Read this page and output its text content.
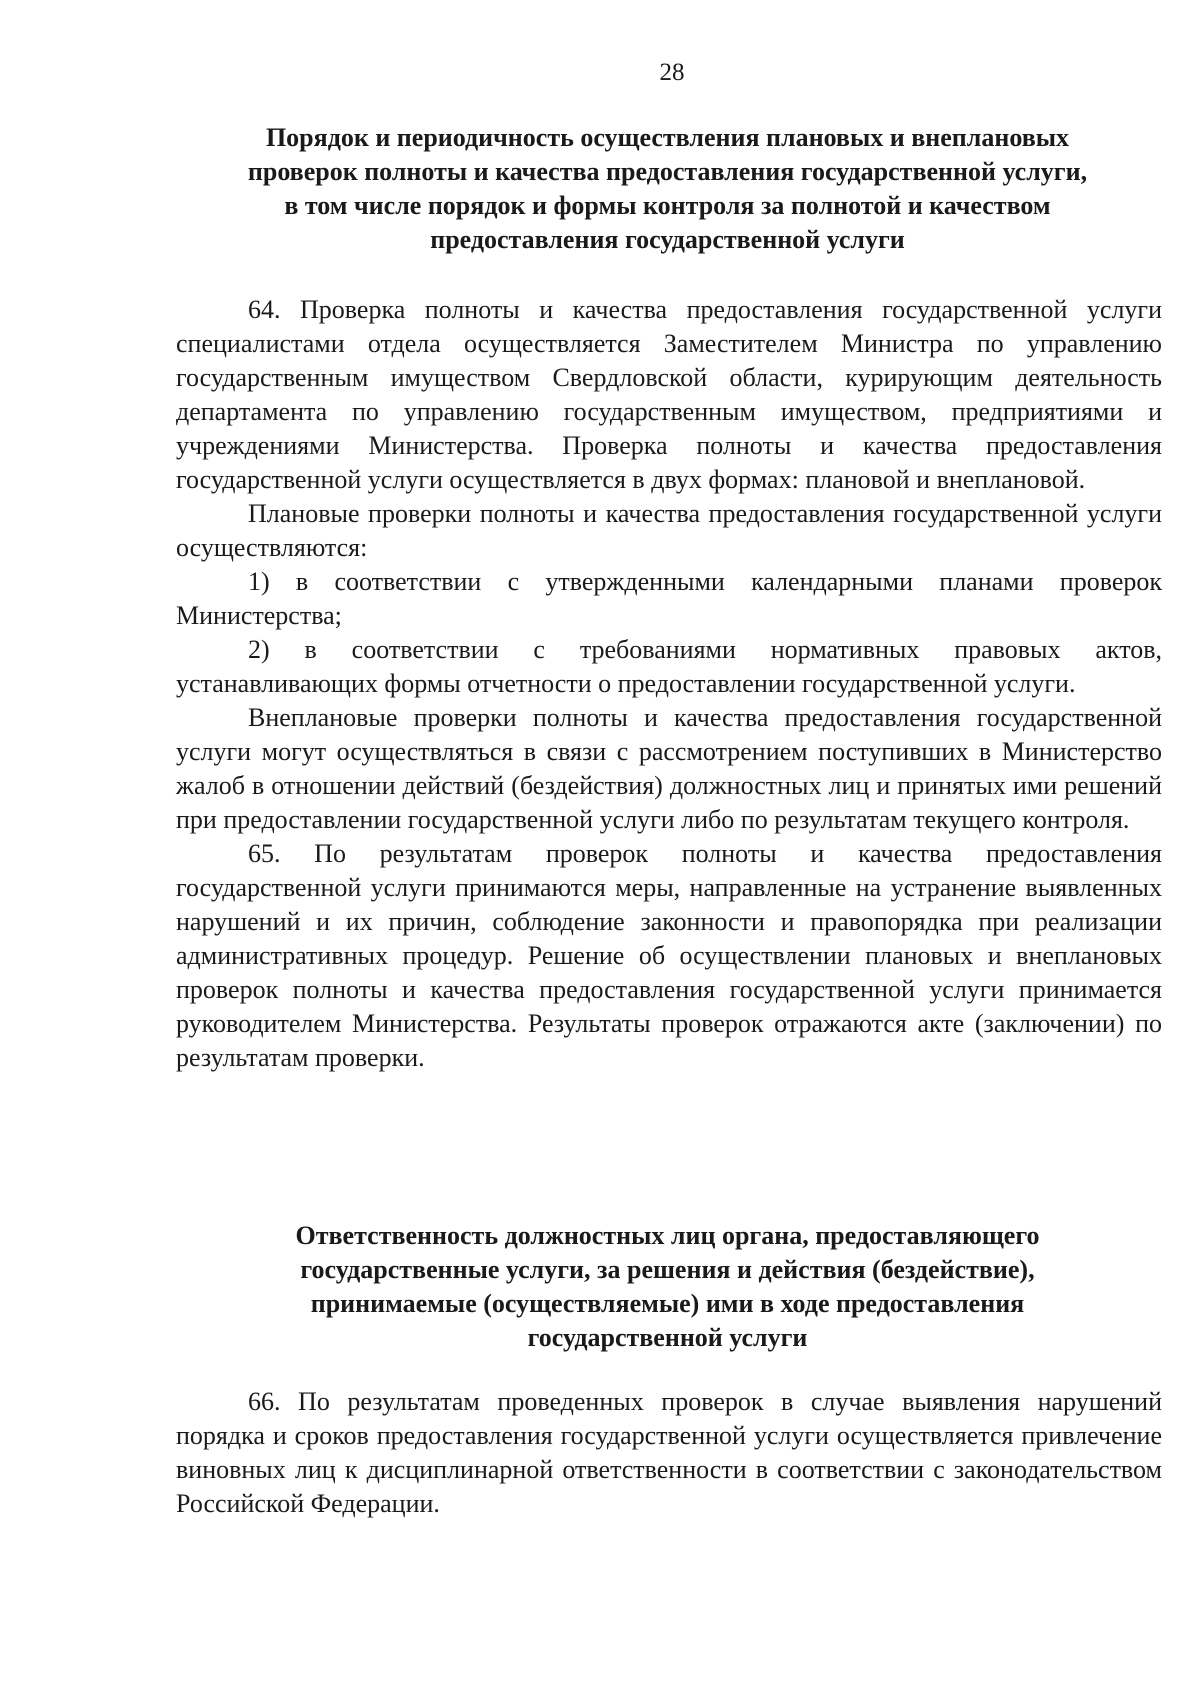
28
Порядок и периодичность осуществления плановых и внеплановых
проверок полноты и качества предоставления государственной услуги,
в том числе порядок и формы контроля за полнотой и качеством
предоставления государственной услуги

64. Проверка полноты и качества предоставления государственной услуги специалистами отдела осуществляется Заместителем Министра по управлению государственным имуществом Свердловской области, курирующим деятельность департамента по управлению государственным имуществом, предприятиями и учреждениями Министерства. Проверка полноты и качества предоставления государственной услуги осуществляется в двух формах: плановой и внеплановой.

Плановые проверки полноты и качества предоставления государственной услуги осуществляются:

1) в соответствии с утвержденными календарными планами проверок Министерства;

2) в соответствии с требованиями нормативных правовых актов, устанавливающих формы отчетности о предоставлении государственной услуги.

Внеплановые проверки полноты и качества предоставления государственной услуги могут осуществляться в связи с рассмотрением поступивших в Министерство жалоб в отношении действий (бездействия) должностных лиц и принятых ими решений при предоставлении государственной услуги либо по результатам текущего контроля.

65. По результатам проверок полноты и качества предоставления государственной услуги принимаются меры, направленные на устранение выявленных нарушений и их причин, соблюдение законности и правопорядка при реализации административных процедур. Решение об осуществлении плановых и внеплановых проверок полноты и качества предоставления государственной услуги принимается руководителем Министерства. Результаты проверок отражаются акте (заключении) по результатам проверки.

Ответственность должностных лиц органа, предоставляющего
государственные услуги, за решения и действия (бездействие),
принимаемые (осуществляемые) ими в ходе предоставления
государственной услуги

66. По результатам проведенных проверок в случае выявления нарушений порядка и сроков предоставления государственной услуги осуществляется привлечение виновных лиц к дисциплинарной ответственности в соответствии с законодательством Российской Федерации.
